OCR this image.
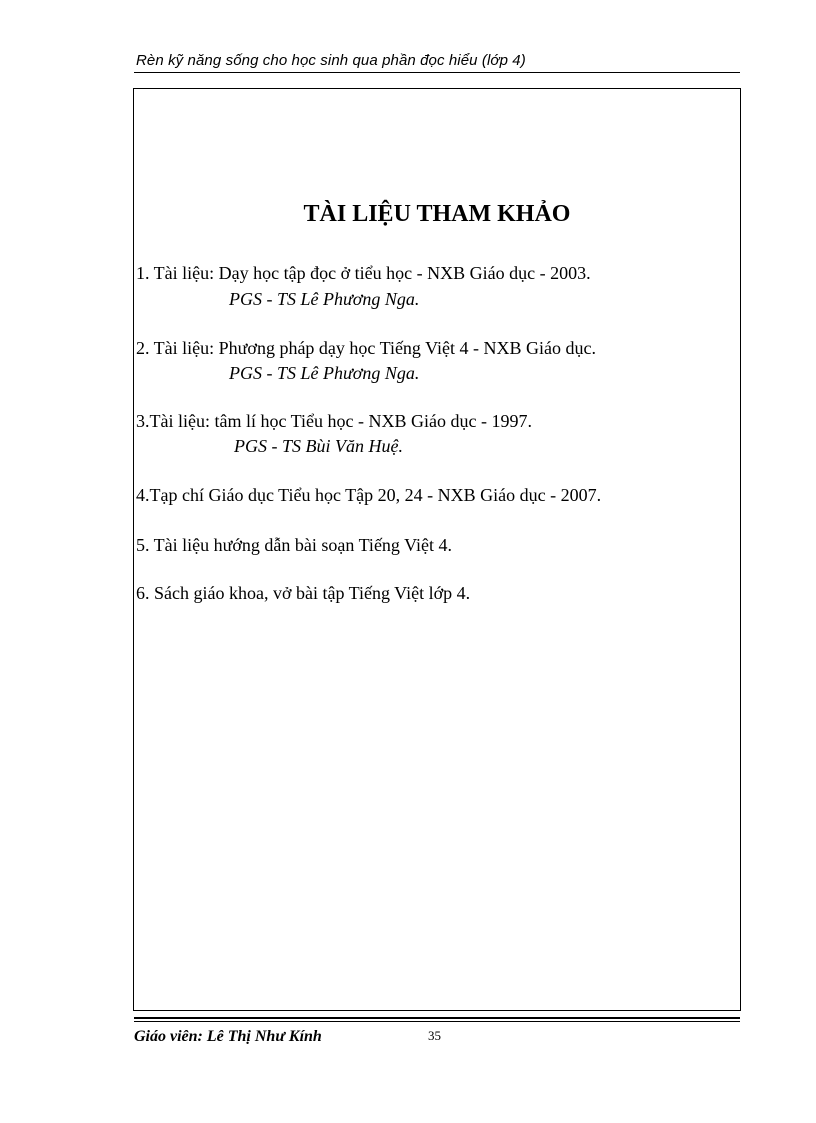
Rèn kỹ năng sống cho học sinh qua phần đọc hiểu (lớp 4)
TÀI LIỆU THAM KHẢO
1. Tài liệu: Dạy học tập đọc ở tiểu học - NXB Giáo dục - 2003.
PGS - TS Lê Phương Nga.
2. Tài liệu: Phương pháp dạy học Tiếng Việt 4 - NXB Giáo dục.
PGS - TS Lê Phương Nga.
3.Tài liệu: tâm lí học Tiểu học - NXB Giáo dục - 1997.
PGS - TS Bùi Văn Huệ.
4.Tạp chí Giáo dục Tiểu học Tập 20, 24 - NXB Giáo dục - 2007.
5. Tài liệu hướng dẫn bài soạn Tiếng Việt 4.
6. Sách giáo khoa, vở bài tập Tiếng Việt lớp 4.
Giáo viên: Lê Thị Như Kính	35
